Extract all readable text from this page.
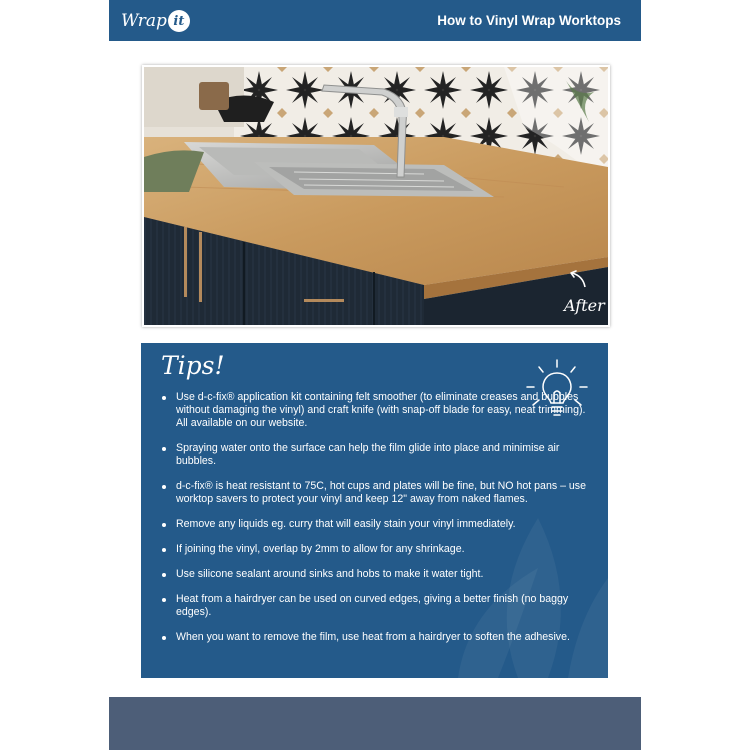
Wrap it	How to Vinyl Wrap Worktops
After
Tips!
Use d-c-fix® application kit containing felt smoother (to eliminate creases and bubbles without damaging the vinyl) and craft knife (with snap-off blade for easy, neat trimming). All available on our website.
Spraying water onto the surface can help the film glide into place and minimise air bubbles.
d-c-fix® is heat resistant to 75C, hot cups and plates will be fine, but NO hot pans – use worktop savers to protect your vinyl and keep 12" away from naked flames.
Remove any liquids eg. curry that will easily stain your vinyl immediately.
If joining the vinyl, overlap by 2mm to allow for any shrinkage.
Use silicone sealant around sinks and hobs to make it water tight.
Heat from a hairdryer can be used on curved edges, giving a better finish (no baggy edges).
When you want to remove the film, use heat from a hairdryer to soften the adhesive.
